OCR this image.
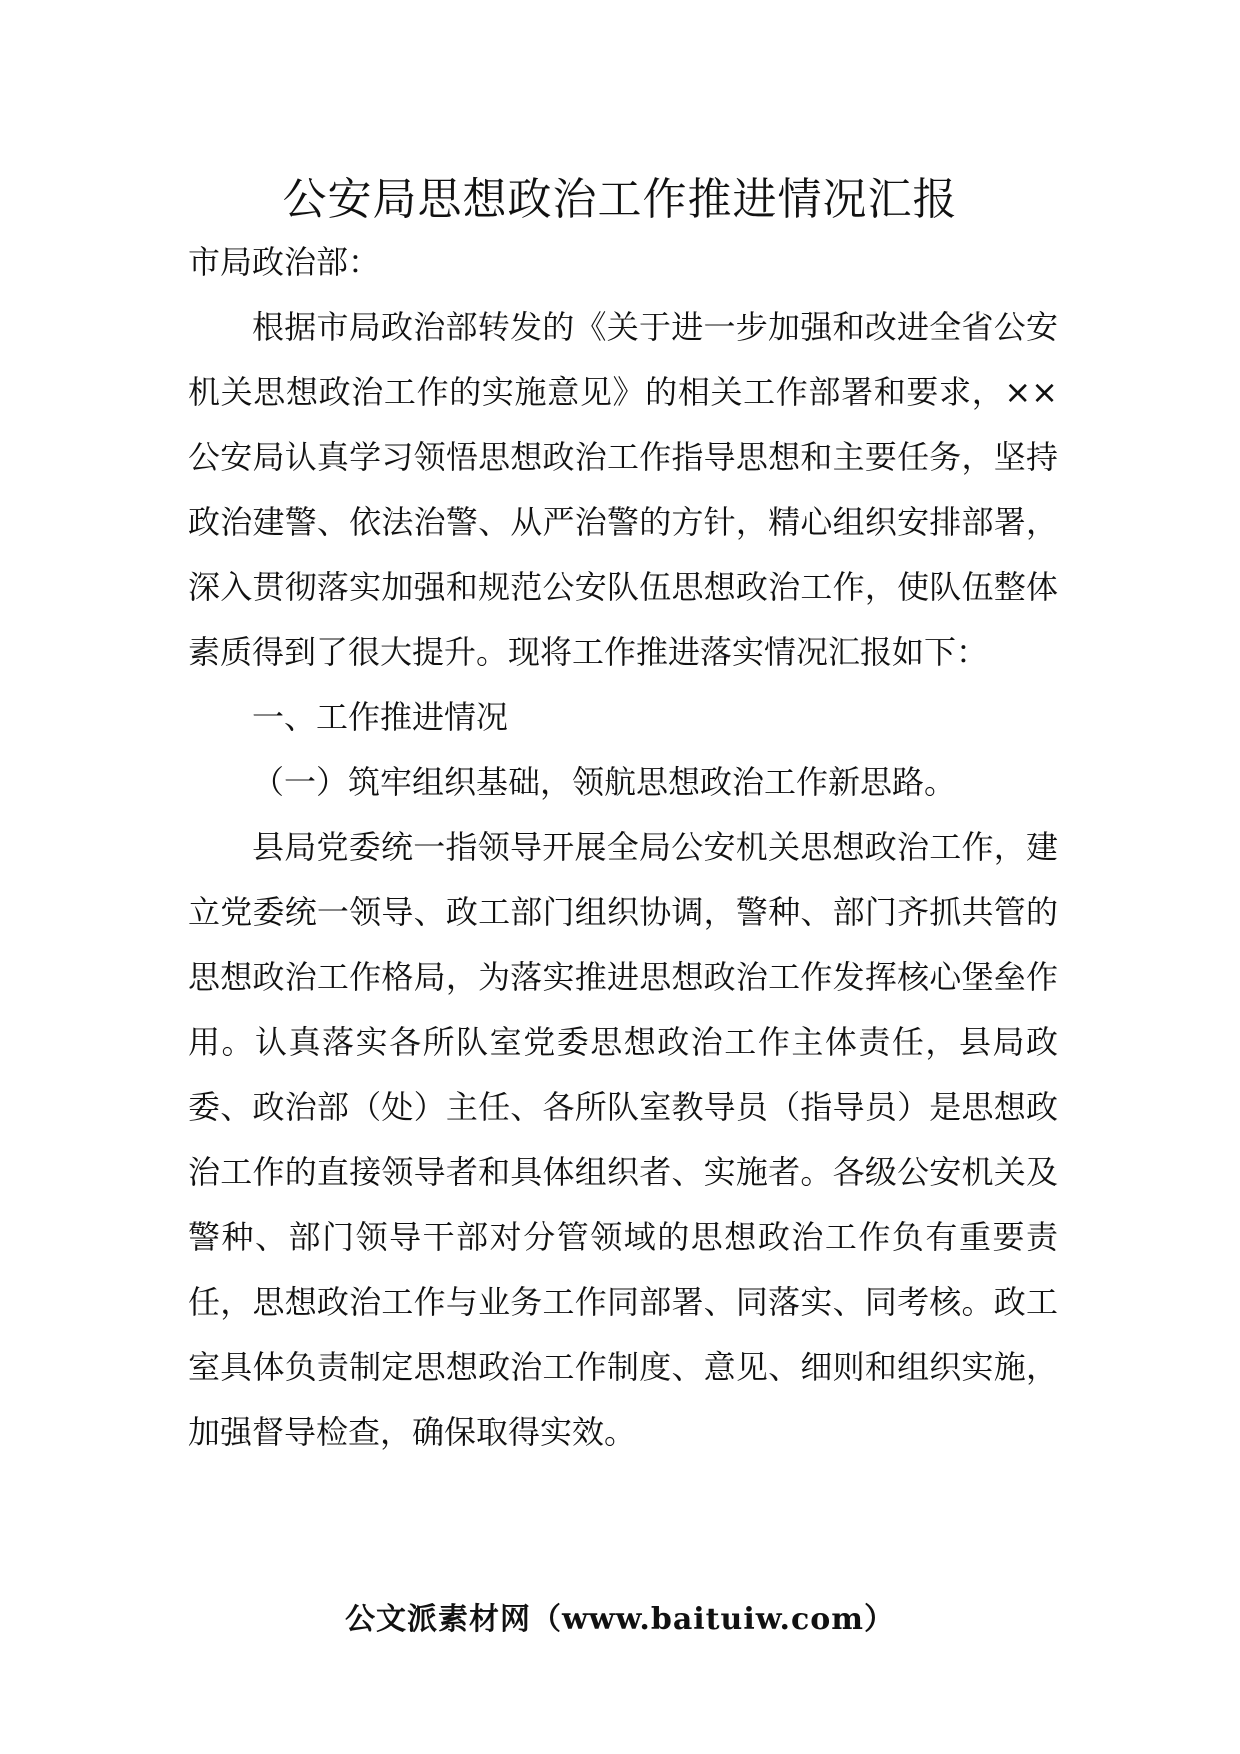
公安局思想政治工作推进情况汇报

市局政治部：

根据市局政治部转发的《关于进一步加强和改进全省公安机关思想政治工作的实施意见》的相关工作部署和要求，××公安局认真学习领悟思想政治工作指导思想和主要任务，坚持政治建警、依法治警、从严治警的方针，精心组织安排部署，深入贯彻落实加强和规范公安队伍思想政治工作，使队伍整体素质得到了很大提升。现将工作推进落实情况汇报如下：

一、工作推进情况

（一）筑牢组织基础，领航思想政治工作新思路。

县局党委统一指领导开展全局公安机关思想政治工作，建立党委统一领导、政工部门组织协调，警种、部门齐抓共管的思想政治工作格局，为落实推进思想政治工作发挥核心堡垒作用。认真落实各所队室党委思想政治工作主体责任，县局政委、政治部（处）主任、各所队室教导员（指导员）是思想政治工作的直接领导者和具体组织者、实施者。各级公安机关及警种、部门领导干部对分管领域的思想政治工作负有重要责任，思想政治工作与业务工作同部署、同落实、同考核。政工室具体负责制定思想政治工作制度、意见、细则和组织实施，加强督导检查，确保取得实效。

公文派素材网（www.baituiw.com）
